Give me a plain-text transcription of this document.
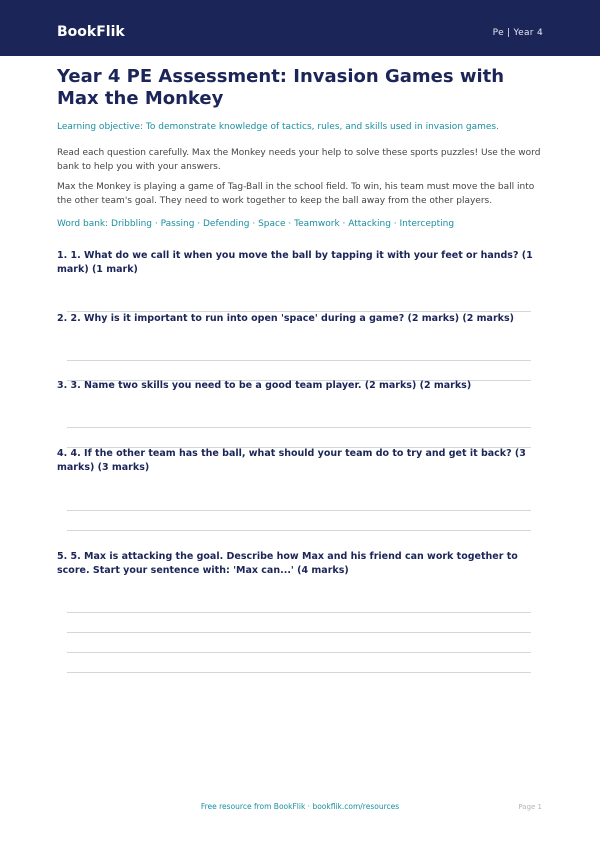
BookFlik	Pe | Year 4
Year 4 PE Assessment: Invasion Games with Max the Monkey
Learning objective: To demonstrate knowledge of tactics, rules, and skills used in invasion games.
Read each question carefully. Max the Monkey needs your help to solve these sports puzzles! Use the word bank to help you with your answers.
Max the Monkey is playing a game of Tag-Ball in the school field. To win, his team must move the ball into the other team's goal. They need to work together to keep the ball away from the other players.
Word bank: Dribbling · Passing · Defending · Space · Teamwork · Attacking · Intercepting
1. 1. What do we call it when you move the ball by tapping it with your feet or hands? (1 mark) (1 mark)
2. 2. Why is it important to run into open 'space' during a game? (2 marks) (2 marks)
3. 3. Name two skills you need to be a good team player. (2 marks) (2 marks)
4. 4. If the other team has the ball, what should your team do to try and get it back? (3 marks) (3 marks)
5. 5. Max is attacking the goal. Describe how Max and his friend can work together to score. Start your sentence with: 'Max can...' (4 marks)
Free resource from BookFlik · bookflik.com/resources	Page 1
